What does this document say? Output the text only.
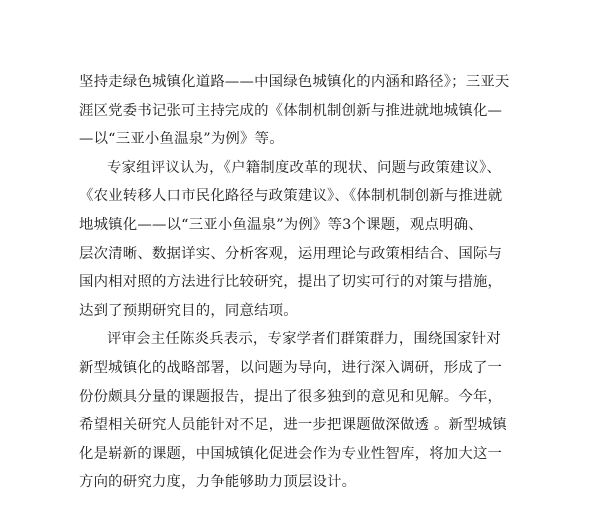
坚持走绿色城镇化道路——中国绿色城镇化的内涵和路径》；三亚天
涯区党委书记张可主持完成的《体制机制创新与推进就地城镇化—
—以“三亚小鱼温泉”为例》等。
专家组评议认为，《户籍制度改革的现状、问题与政策建议》、
《农业转移人口市民化路径与政策建议》、《体制机制创新与推进就
地城镇化——以“三亚小鱼温泉”为例》等3个课题，观点明确、
层次清晰、数据详实、分析客观，运用理论与政策相结合、国际与
国内相对照的方法进行比较研究，提出了切实可行的对策与措施，
达到了预期研究目的，同意结项。
评审会主任陈炎兵表示，专家学者们群策群力，围绕国家针对
新型城镇化的战略部署，以问题为导向，进行深入调研，形成了一
份份颇具分量的课题报告，提出了很多独到的意见和见解。今年，
希望相关研究人员能针对不足，进一步把课题做深做透 。新型城镇
化是崭新的课题，中国城镇化促进会作为专业性智库，将加大这一
方向的研究力度，力争能够助力顶层设计。
